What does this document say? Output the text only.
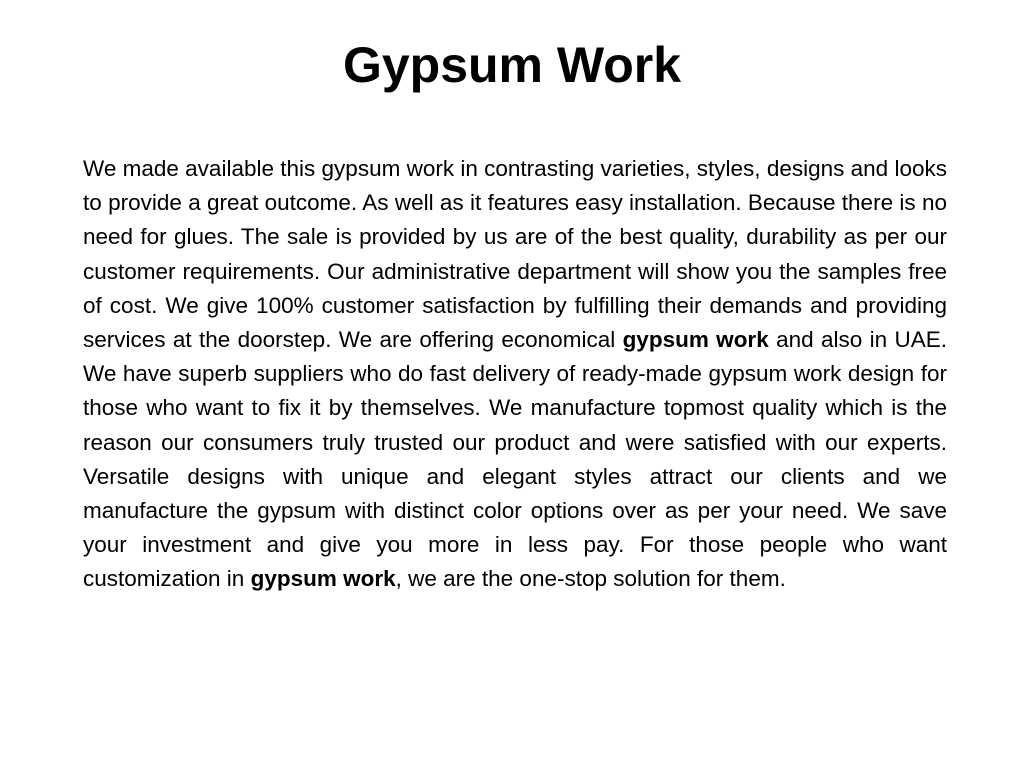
Gypsum Work

We made available this gypsum work in contrasting varieties, styles, designs and looks to provide a great outcome. As well as it features easy installation. Because there is no need for glues. The sale is provided by us are of the best quality, durability as per our customer requirements. Our administrative department will show you the samples free of cost. We give 100% customer satisfaction by fulfilling their demands and providing services at the doorstep. We are offering economical gypsum work and also in UAE. We have superb suppliers who do fast delivery of ready-made gypsum work design for those who want to fix it by themselves. We manufacture topmost quality which is the reason our consumers truly trusted our product and were satisfied with our experts. Versatile designs with unique and elegant styles attract our clients and we manufacture the gypsum with distinct color options over as per your need. We save your investment and give you more in less pay. For those people who want customization in gypsum work, we are the one-stop solution for them.
